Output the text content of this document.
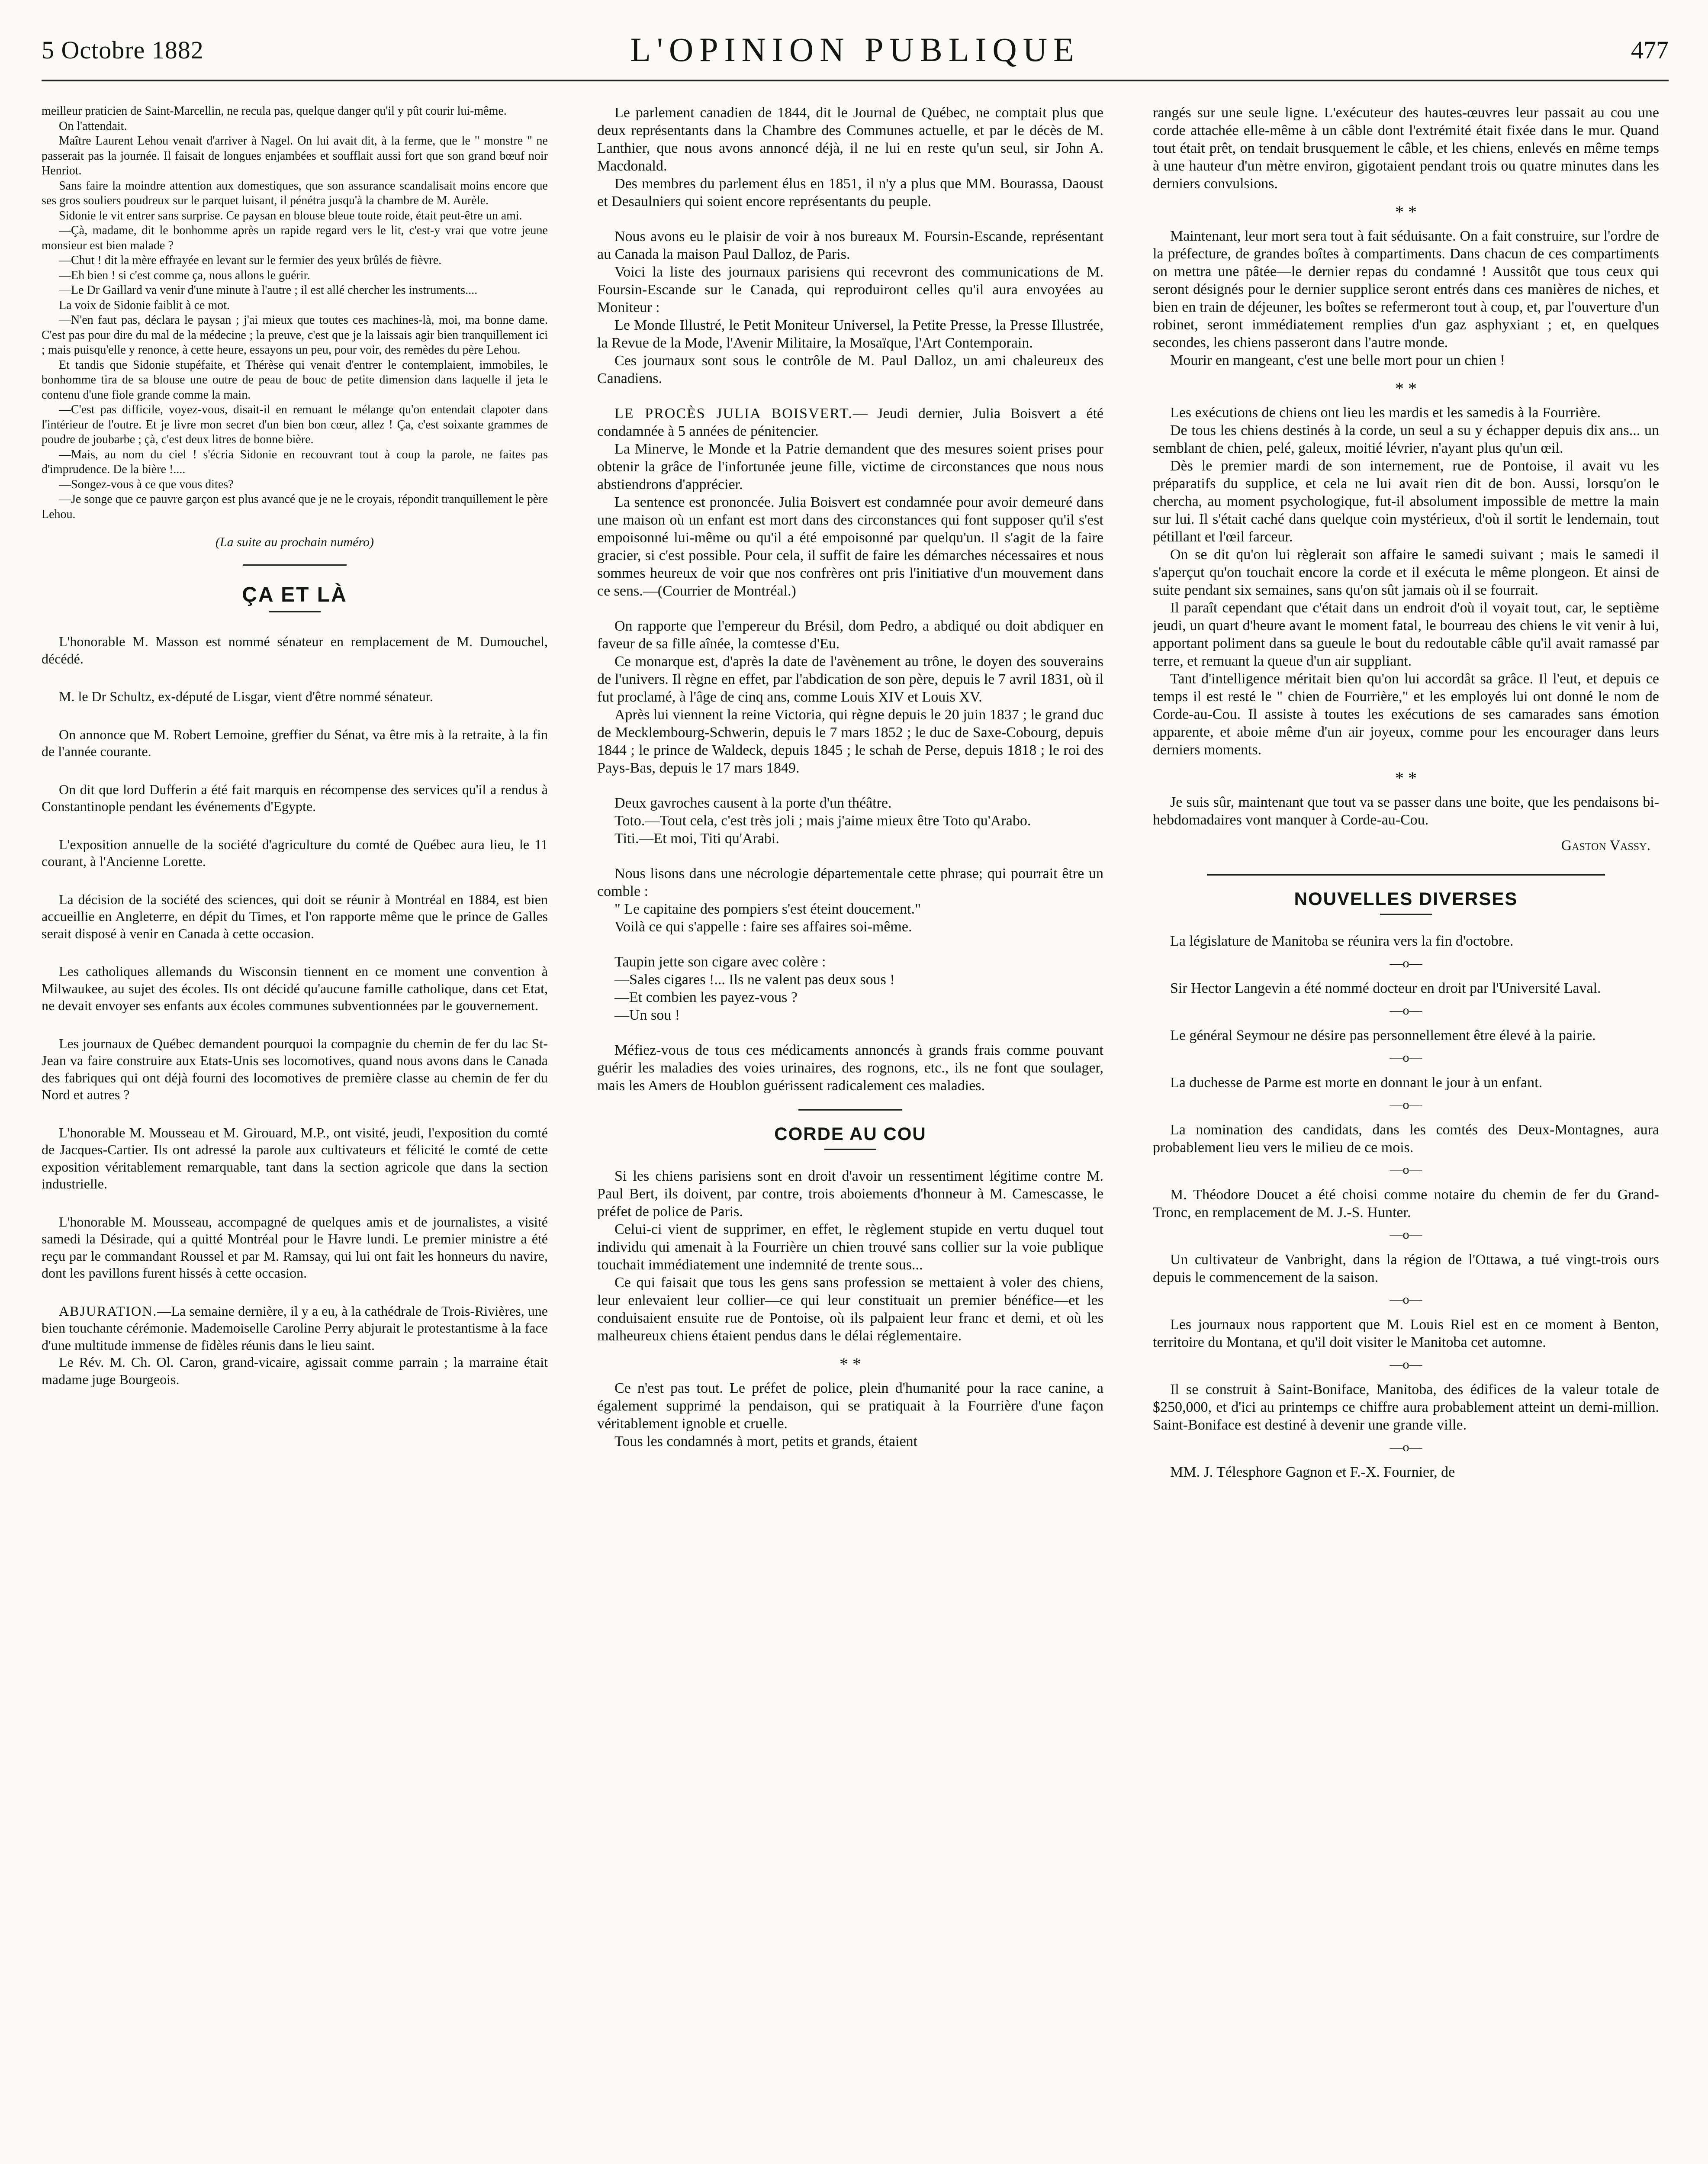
5 Octobre 1882	L'OPINION PUBLIQUE	477

meilleur praticien de Saint-Marcellin, ne recula pas, quelque danger qu'il y pût courir lui-même.

On l'attendait.

Maître Laurent Lehou venait d'arriver à Nagel. On lui avait dit, à la ferme, que le " monstre " ne passerait pas la journée. Il faisait de longues enjambées et soufflait aussi fort que son grand bœuf noir Henriot.

Sans faire la moindre attention aux domestiques, que son assurance scandalisait moins encore que ses gros souliers poudreux sur le parquet luisant, il pénétra jusqu'à la chambre de M. Aurèle.

Sidonie le vit entrer sans surprise. Ce paysan en blouse bleue toute roide, était peut-être un ami.

—Çà, madame, dit le bonhomme après un rapide regard vers le lit, c'est-y vrai que votre jeune monsieur est bien malade ?

—Chut ! dit la mère effrayée en levant sur le fermier des yeux brûlés de fièvre.

—Eh bien ! si c'est comme ça, nous allons le guérir.

—Le Dr Gaillard va venir d'une minute à l'autre ; il est allé chercher les instruments....

La voix de Sidonie faiblit à ce mot.

—N'en faut pas, déclara le paysan ; j'ai mieux que toutes ces machines-là, moi, ma bonne dame. C'est pas pour dire du mal de la médecine ; la preuve, c'est que je la laissais agir bien tranquillement ici ; mais puisqu'elle y renonce, à cette heure, essayons un peu, pour voir, des remèdes du père Lehou.

Et tandis que Sidonie stupéfaite, et Thérèse qui venait d'entrer le contemplaient, immobiles, le bonhomme tira de sa blouse une outre de peau de bouc de petite dimension dans laquelle il jeta le contenu d'une fiole grande comme la main.

—C'est pas difficile, voyez-vous, disait-il en remuant le mélange qu'on entendait clapoter dans l'intérieur de l'outre. Et je livre mon secret d'un bien bon cœur, allez ! Ça, c'est soixante grammes de poudre de joubarbe ; çà, c'est deux litres de bonne bière.

—Mais, au nom du ciel ! s'écria Sidonie en recouvrant tout à coup la parole, ne faites pas d'imprudence. De la bière !....

—Songez-vous à ce que vous dites?

—Je songe que ce pauvre garçon est plus avancé que je ne le croyais, répondit tranquillement le père Lehou.

(La suite au prochain numéro)
ÇA ET LÀ

L'honorable M. Masson est nommé sénateur en remplacement de M. Dumouchel, décédé.

M. le Dr Schultz, ex-député de Lisgar, vient d'être nommé sénateur.

On annonce que M. Robert Lemoine, greffier du Sénat, va être mis à la retraite, à la fin de l'année courante.

On dit que lord Dufferin a été fait marquis en récompense des services qu'il a rendus à Constantinople pendant les événements d'Egypte.

L'exposition annuelle de la société d'agriculture du comté de Québec aura lieu, le 11 courant, à l'Ancienne Lorette.

La décision de la société des sciences, qui doit se réunir à Montréal en 1884, est bien accueillie en Angleterre, en dépit du Times, et l'on rapporte même que le prince de Galles serait disposé à venir en Canada à cette occasion.

Les catholiques allemands du Wisconsin tiennent en ce moment une convention à Milwaukee, au sujet des écoles. Ils ont décidé qu'aucune famille catholique, dans cet Etat, ne devait envoyer ses enfants aux écoles communes subventionnées par le gouvernement.

Les journaux de Québec demandent pourquoi la compagnie du chemin de fer du lac St-Jean va faire construire aux Etats-Unis ses locomotives, quand nous avons dans le Canada des fabriques qui ont déjà fourni des locomotives de première classe au chemin de fer du Nord et autres ?

L'honorable M. Mousseau et M. Girouard, M.P., ont visité, jeudi, l'exposition du comté de Jacques-Cartier. Ils ont adressé la parole aux cultivateurs et félicité le comté de cette exposition véritablement remarquable, tant dans la section agricole que dans la section industrielle.

L'honorable M. Mousseau, accompagné de quelques amis et de journalistes, a visité samedi la Désirade, qui a quitté Montréal pour le Havre lundi. Le premier ministre a été reçu par le commandant Roussel et par M. Ramsay, qui lui ont fait les honneurs du navire, dont les pavillons furent hissés à cette occasion.

ABJURATION.—La semaine dernière, il y a eu, à la cathédrale de Trois-Rivières, une bien touchante cérémonie. Mademoiselle Caroline Perry abjurait le protestantisme à la face d'une multitude immense de fidèles réunis dans le lieu saint.

Le Rév. M. Ch. Ol. Caron, grand-vicaire, agissait comme parrain ; la marraine était madame juge Bourgeois.

Le parlement canadien de 1844, dit le Journal de Québec, ne comptait plus que deux représentants dans la Chambre des Communes actuelle, et par le décès de M. Lanthier, que nous avons annoncé déjà, il ne lui en reste qu'un seul, sir John A. Macdonald.

Des membres du parlement élus en 1851, il n'y a plus que MM. Bourassa, Daoust et Desaulniers qui soient encore représentants du peuple.

Nous avons eu le plaisir de voir à nos bureaux M. Foursin-Escande, représentant au Canada la maison Paul Dalloz, de Paris.

Voici la liste des journaux parisiens qui recevront des communications de M. Foursin-Escande sur le Canada, qui reproduiront celles qu'il aura envoyées au Moniteur :

Le Monde Illustré, le Petit Moniteur Universel, la Petite Presse, la Presse Illustrée, la Revue de la Mode, l'Avenir Militaire, la Mosaïque, l'Art Contemporain.

Ces journaux sont sous le contrôle de M. Paul Dalloz, un ami chaleureux des Canadiens.

LE PROCÈS JULIA BOISVERT.— Jeudi dernier, Julia Boisvert a été condamnée à 5 années de pénitencier.

La Minerve, le Monde et la Patrie demandent que des mesures soient prises pour obtenir la grâce de l'infortunée jeune fille, victime de circonstances que nous nous abstiendrons d'apprécier.

La sentence est prononcée. Julia Boisvert est condamnée pour avoir demeuré dans une maison où un enfant est mort dans des circonstances qui font supposer qu'il s'est empoisonné lui-même ou qu'il a été empoisonné par quelqu'un. Il s'agit de la faire gracier, si c'est possible. Pour cela, il suffit de faire les démarches nécessaires et nous sommes heureux de voir que nos confrères ont pris l'initiative d'un mouvement dans ce sens.—(Courrier de Montréal.)

On rapporte que l'empereur du Brésil, dom Pedro, a abdiqué ou doit abdiquer en faveur de sa fille aînée, la comtesse d'Eu.

Ce monarque est, d'après la date de l'avènement au trône, le doyen des souverains de l'univers. Il règne en effet, par l'abdication de son père, depuis le 7 avril 1831, où il fut proclamé, à l'âge de cinq ans, comme Louis XIV et Louis XV.

Après lui viennent la reine Victoria, qui règne depuis le 20 juin 1837 ; le grand duc de Mecklembourg-Schwerin, depuis le 7 mars 1852 ; le duc de Saxe-Cobourg, depuis 1844 ; le prince de Waldeck, depuis 1845 ; le schah de Perse, depuis 1818 ; le roi des Pays-Bas, depuis le 17 mars 1849.

Deux gavroches causent à la porte d'un théâtre.

Toto.—Tout cela, c'est très joli ; mais j'aime mieux être Toto qu'Arabo.

Titi.—Et moi, Titi qu'Arabi.

Nous lisons dans une nécrologie départementale cette phrase; qui pourrait être un comble :

" Le capitaine des pompiers s'est éteint doucement."

Voilà ce qui s'appelle : faire ses affaires soi-même.

Taupin jette son cigare avec colère :

—Sales cigares !... Ils ne valent pas deux sous !

—Et combien les payez-vous ?

—Un sou !

Méfiez-vous de tous ces médicaments annoncés à grands frais comme pouvant guérir les maladies des voies urinaires, des rognons, etc., ils ne font que soulager, mais les Amers de Houblon guérissent radicalement ces maladies.

CORDE AU COU

Si les chiens parisiens sont en droit d'avoir un ressentiment légitime contre M. Paul Bert, ils doivent, par contre, trois aboiements d'honneur à M. Camescasse, le préfet de police de Paris.

Celui-ci vient de supprimer, en effet, le règlement stupide en vertu duquel tout individu qui amenait à la Fourrière un chien trouvé sans collier sur la voie publique touchait immédiatement une indemnité de trente sous...

Ce qui faisait que tous les gens sans profession se mettaient à voler des chiens, leur enlevaient leur collier—ce qui leur constituait un premier bénéfice—et les conduisaient ensuite rue de Pontoise, où ils palpaient leur franc et demi, et où les malheureux chiens étaient pendus dans le délai réglementaire.

* *

Ce n'est pas tout. Le préfet de police, plein d'humanité pour la race canine, a également supprimé la pendaison, qui se pratiquait à la Fourrière d'une façon véritablement ignoble et cruelle.

Tous les condamnés à mort, petits et grands, étaient

rangés sur une seule ligne. L'exécuteur des hautes-œuvres leur passait au cou une corde attachée elle-même à un câble dont l'extrémité était fixée dans le mur. Quand tout était prêt, on tendait brusquement le câble, et les chiens, enlevés en même temps à une hauteur d'un mètre environ, gigotaient pendant trois ou quatre minutes dans les derniers convulsions.

* *

Maintenant, leur mort sera tout à fait séduisante. On a fait construire, sur l'ordre de la préfecture, de grandes boîtes à compartiments. Dans chacun de ces compartiments on mettra une pâtée—le dernier repas du condamné ! Aussitôt que tous ceux qui seront désignés pour le dernier supplice seront entrés dans ces manières de niches, et bien en train de déjeuner, les boîtes se refermeront tout à coup, et, par l'ouverture d'un robinet, seront immédiatement remplies d'un gaz asphyxiant ; et, en quelques secondes, les chiens passeront dans l'autre monde.

Mourir en mangeant, c'est une belle mort pour un chien !

* *

Les exécutions de chiens ont lieu les mardis et les samedis à la Fourrière.

De tous les chiens destinés à la corde, un seul a su y échapper depuis dix ans... un semblant de chien, pelé, galeux, moitié lévrier, n'ayant plus qu'un œil.

Dès le premier mardi de son internement, rue de Pontoise, il avait vu les préparatifs du supplice, et cela ne lui avait rien dit de bon. Aussi, lorsqu'on le chercha, au moment psychologique, fut-il absolument impossible de mettre la main sur lui. Il s'était caché dans quelque coin mystérieux, d'où il sortit le lendemain, tout pétillant et l'œil farceur.

On se dit qu'on lui règlerait son affaire le samedi suivant ; mais le samedi il s'aperçut qu'on touchait encore la corde et il exécuta le même plongeon. Et ainsi de suite pendant six semaines, sans qu'on sût jamais où il se fourrait.

Il paraît cependant que c'était dans un endroit d'où il voyait tout, car, le septième jeudi, un quart d'heure avant le moment fatal, le bourreau des chiens le vit venir à lui, apportant poliment dans sa gueule le bout du redoutable câble qu'il avait ramassé par terre, et remuant la queue d'un air suppliant.

Tant d'intelligence méritait bien qu'on lui accordât sa grâce. Il l'eut, et depuis ce temps il est resté le " chien de Fourrière," et les employés lui ont donné le nom de Corde-au-Cou. Il assiste à toutes les exécutions de ses camarades sans émotion apparente, et aboie même d'un air joyeux, comme pour les encourager dans leurs derniers moments.

* *

Je suis sûr, maintenant que tout va se passer dans une boite, que les pendaisons bi-hebdomadaires vont manquer à Corde-au-Cou.

Gaston Vassy.
NOUVELLES DIVERSES

La législature de Manitoba se réunira vers la fin d'octobre.

—o—

Sir Hector Langevin a été nommé docteur en droit par l'Université Laval.

—o—

Le général Seymour ne désire pas personnellement être élevé à la pairie.

—o—

La duchesse de Parme est morte en donnant le jour à un enfant.

—o—

La nomination des candidats, dans les comtés des Deux-Montagnes, aura probablement lieu vers le milieu de ce mois.

—o—

M. Théodore Doucet a été choisi comme notaire du chemin de fer du Grand-Tronc, en remplacement de M. J.-S. Hunter.

—o—

Un cultivateur de Vanbright, dans la région de l'Ottawa, a tué vingt-trois ours depuis le commencement de la saison.

—o—

Les journaux nous rapportent que M. Louis Riel est en ce moment à Benton, territoire du Montana, et qu'il doit visiter le Manitoba cet automne.

—o—

Il se construit à Saint-Boniface, Manitoba, des édifices de la valeur totale de $250,000, et d'ici au printemps ce chiffre aura probablement atteint un demi-million. Saint-Boniface est destiné à devenir une grande ville.

—o—

MM. J. Télesphore Gagnon et F.-X. Fournier, de
